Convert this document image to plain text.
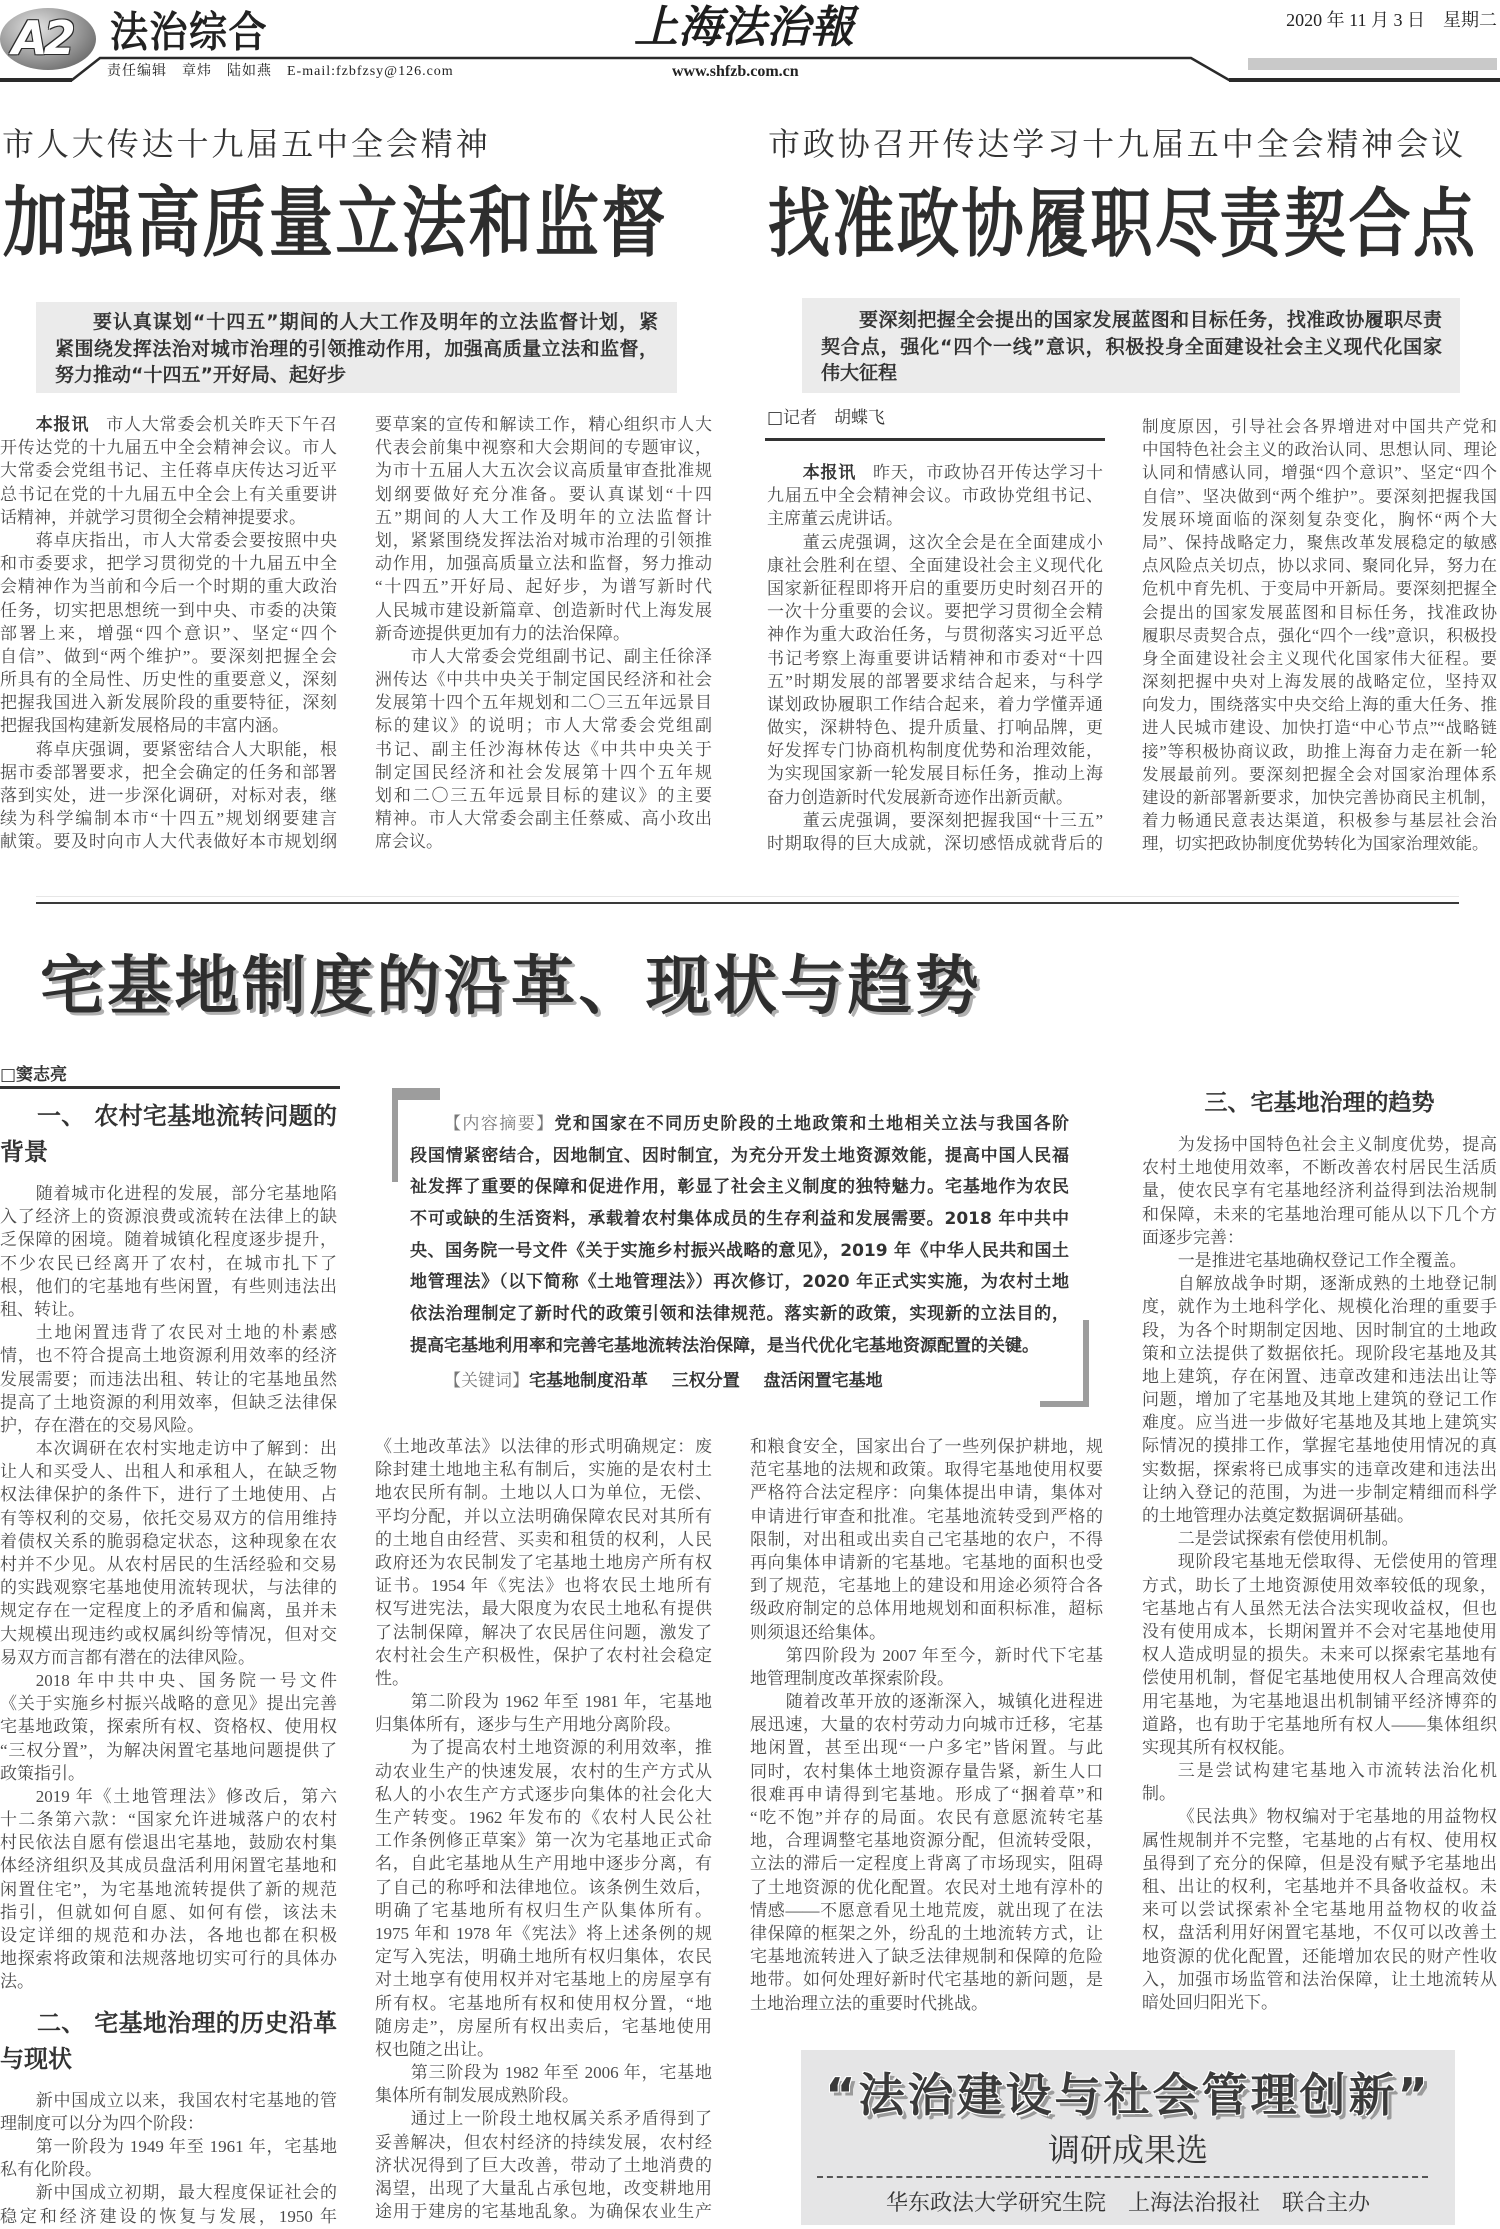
A2 法治综合	上海法治報	2020 年 11 月 3 日　星期二
责任编辑　章炜　陆如燕　E-mail:fzbfzsy@126.com	www.shfzb.com.cn
市人大传达十九届五中全会精神
加强高质量立法和监督
要认真谋划“十四五”期间的人大工作及明年的立法监督计划，紧
紧围绕发挥法治对城市治理的引领推动作用，加强高质量立法和监督，
努力推动“十四五”开好局、起好步
本报讯 市人大常委会机关昨天下午召
开传达党的十九届五中全会精神会议。市人
大常委会党组书记、主任蒋卓庆传达习近平
总书记在党的十九届五中全会上有关重要讲
话精神，并就学习贯彻全会精神提要求。
蒋卓庆指出，市人大常委会要按照中央
和市委要求，把学习贯彻党的十九届五中全
会精神作为当前和今后一个时期的重大政治
任务，切实把思想统一到中央、市委的决策
部署上来，增强“四个意识”、坚定“四个
自信”、做到“两个维护”。要深刻把握全会
所具有的全局性、历史性的重要意义，深刻
把握我国进入新发展阶段的重要特征，深刻
把握我国构建新发展格局的丰富内涵。
蒋卓庆强调，要紧密结合人大职能，根
据市委部署要求，把全会确定的任务和部署
落到实处，进一步深化调研，对标对表，继
续为科学编制本市“十四五”规划纲要建言
献策。要及时向市人大代表做好本市规划纲
要草案的宣传和解读工作，精心组织市人大
代表会前集中视察和大会期间的专题审议，
为市十五届人大五次会议高质量审查批准规
划纲要做好充分准备。要认真谋划“十四
五”期间的人大工作及明年的立法监督计
划，紧紧围绕发挥法治对城市治理的引领推
动作用，加强高质量立法和监督，努力推动
“十四五”开好局、起好步，为谱写新时代
人民城市建设新篇章、创造新时代上海发展
新奇迹提供更加有力的法治保障。
市人大常委会党组副书记、副主任徐泽
洲传达《中共中央关于制定国民经济和社会
发展第十四个五年规划和二〇三五年远景目
标的建议》的说明；市人大常委会党组副
书记、副主任沙海林传达《中共中央关于
制定国民经济和社会发展第十四个五年规
划和二〇三五年远景目标的建议》的主要
精神。市人大常委会副主任蔡威、高小玫出
席会议。
市政协召开传达学习十九届五中全会精神会议
找准政协履职尽责契合点
要深刻把握全会提出的国家发展蓝图和目标任务，找准政协履职尽责
契合点，强化“四个一线”意识，积极投身全面建设社会主义现代化国家
伟大征程
□记者　胡蝶飞
本报讯 昨天，市政协召开传达学习十
九届五中全会精神会议。市政协党组书记、
主席董云虎讲话。
董云虎强调，这次全会是在全面建成小
康社会胜利在望、全面建设社会主义现代化
国家新征程即将开启的重要历史时刻召开的
一次十分重要的会议。要把学习贯彻全会精
神作为重大政治任务，与贯彻落实习近平总
书记考察上海重要讲话精神和市委对“十四
五”时期发展的部署要求结合起来，与科学
谋划政协履职工作结合起来，着力学懂弄通
做实，深耕特色、提升质量、打响品牌，更
好发挥专门协商机构制度优势和治理效能，
为实现国家新一轮发展目标任务，推动上海
奋力创造新时代发展新奇迹作出新贡献。
董云虎强调，要深刻把握我国“十三五”
时期取得的巨大成就，深切感悟成就背后的
制度原因，引导社会各界增进对中国共产党和
中国特色社会主义的政治认同、思想认同、理论
认同和情感认同，增强“四个意识”、坚定“四个
自信”、坚决做到“两个维护”。要深刻把握我国
发展环境面临的深刻复杂变化，胸怀“两个大
局”、保持战略定力，聚焦改革发展稳定的敏感
点风险点关切点，协以求同、聚同化异，努力在
危机中育先机、于变局中开新局。要深刻把握全
会提出的国家发展蓝图和目标任务，找准政协
履职尽责契合点，强化“四个一线”意识，积极投
身全面建设社会主义现代化国家伟大征程。要
深刻把握中央对上海发展的战略定位，坚持双
向发力，围绕落实中央交给上海的重大任务、推
进人民城市建设、加快打造“中心节点”“战略链
接”等积极协商议政，助推上海奋力走在新一轮
发展最前列。要深刻把握全会对国家治理体系
建设的新部署新要求，加快完善协商民主机制，
着力畅通民意表达渠道，积极参与基层社会治
理，切实把政协制度优势转化为国家治理效能。
宅基地制度的沿革、现状与趋势
□窦志亮
【内容摘要】党和国家在不同历史阶段的土地政策和土地相关立法与我国各阶
段国情紧密结合，因地制宜、因时制宜，为充分开发土地资源效能，提高中国人民福
祉发挥了重要的保障和促进作用，彰显了社会主义制度的独特魅力。宅基地作为农民
不可或缺的生活资料，承载着农村集体成员的生存利益和发展需要。2018 年中共中
央、国务院一号文件《关于实施乡村振兴战略的意见》，2019 年《中华人民共和国土
地管理法》（以下简称《土地管理法》）再次修订，2020 年正式实实施，为农村土地
依法治理制定了新时代的政策引领和法律规范。落实新的政策，实现新的立法目的，
提高宅基地利用率和完善宅基地流转法治保障，是当代优化宅基地资源配置的关键。
【关键词】宅基地制度沿革 三权分置 盘活闲置宅基地
一、 农村宅基地流转问题的
背景
随着城市化进程的发展，部分宅基地陷
入了经济上的资源浪费或流转在法律上的缺
乏保障的困境。随着城镇化程度逐步提升，
不少农民已经离开了农村，在城市扎下了
根，他们的宅基地有些闲置，有些则违法出
租、转让。
土地闲置违背了农民对土地的朴素感
情，也不符合提高土地资源利用效率的经济
发展需要；而违法出租、转让的宅基地虽然
提高了土地资源的利用效率，但缺乏法律保
护，存在潜在的交易风险。
本次调研在农村实地走访中了解到：出
让人和买受人、出租人和承租人，在缺乏物
权法律保护的条件下，进行了土地使用、占
有等权利的交易，依托交易双方的信用维持
着债权关系的脆弱稳定状态，这种现象在农
村并不少见。从农村居民的生活经验和交易
的实践观察宅基地使用流转现状，与法律的
规定存在一定程度上的矛盾和偏离，虽并未
大规模出现违约或权属纠纷等情况，但对交
易双方而言都有潜在的法律风险。
2018 年中共中央、国务院一号文件
《关于实施乡村振兴战略的意见》提出完善
宅基地政策，探索所有权、资格权、使用权
“三权分置”，为解决闲置宅基地问题提供了
政策指引。
2019 年《土地管理法》修改后，第六
十二条第六款：“国家允许进城落户的农村
村民依法自愿有偿退出宅基地，鼓励农村集
体经济组织及其成员盘活利用闲置宅基地和
闲置住宅”，为宅基地流转提供了新的规范
指引，但就如何自愿、如何有偿，该法未
设定详细的规范和办法，各地也都在积极
地探索将政策和法规落地切实可行的具体办
法。
二、 宅基地治理的历史沿革
与现状
新中国成立以来，我国农村宅基地的管
理制度可以分为四个阶段：
第一阶段为 1949 年至 1961 年，宅基地
私有化阶段。
新中国成立初期，最大程度保证社会的
稳定和经济建设的恢复与发展，1950 年
《土地改革法》以法律的形式明确规定：废
除封建土地地主私有制后，实施的是农村土
地农民所有制。土地以人口为单位，无偿、
平均分配，并以立法明确保障农民对其所有
的土地自由经营、买卖和租赁的权利，人民
政府还为农民制发了宅基地土地房产所有权
证书。1954 年《宪法》也将农民土地所有
权写进宪法，最大限度为农民土地私有提供
了法制保障，解决了农民居住问题，激发了
农村社会生产积极性，保护了农村社会稳定
性。
第二阶段为 1962 年至 1981 年，宅基地
归集体所有，逐步与生产用地分离阶段。
为了提高农村土地资源的利用效率，推
动农业生产的快速发展，农村的生产方式从
私人的小农生产方式逐步向集体的社会化大
生产转变。1962 年发布的《农村人民公社
工作条例修正草案》第一次为宅基地正式命
名，自此宅基地从生产用地中逐步分离，有
了自己的称呼和法律地位。该条例生效后，
明确了宅基地所有权归生产队集体所有。
1975 年和 1978 年《宪法》将上述条例的规
定写入宪法，明确土地所有权归集体，农民
对土地享有使用权并对宅基地上的房屋享有
所有权。宅基地所有权和使用权分置，“地
随房走”，房屋所有权出卖后，宅基地使用
权也随之出让。
第三阶段为 1982 年至 2006 年，宅基地
集体所有制发展成熟阶段。
通过上一阶段土地权属关系矛盾得到了
妥善解决，但农村经济的持续发展，农村经
济状况得到了巨大改善，带动了土地消费的
渴望，出现了大量乱占承包地，改变耕地用
途用于建房的宅基地乱象。为确保农业生产
和粮食安全，国家出台了一些列保护耕地，规
范宅基地的法规和政策。取得宅基地使用权要
严格符合法定程序：向集体提出申请，集体对
申请进行审查和批准。宅基地流转受到严格的
限制，对出租或出卖自己宅基地的农户，不得
再向集体申请新的宅基地。宅基地的面积也受
到了规范，宅基地上的建设和用途必须符合各
级政府制定的总体用地规划和面积标准，超标
则须退还给集体。
第四阶段为 2007 年至今，新时代下宅基
地管理制度改革探索阶段。
随着改革开放的逐渐深入，城镇化进程进
展迅速，大量的农村劳动力向城市迁移，宅基
地闲置，甚至出现“一户多宅”皆闲置。与此
同时，农村集体土地资源存量告紧，新生人口
很难再申请得到宅基地。形成了“捆着草”和
“吃不饱”并存的局面。农民有意愿流转宅基
地，合理调整宅基地资源分配，但流转受限，
立法的滞后一定程度上背离了市场现实，阻碍
了土地资源的优化配置。农民对土地有淳朴的
情感——不愿意看见土地荒废，就出现了在法
律保障的框架之外，纷乱的土地流转方式，让
宅基地流转进入了缺乏法律规制和保障的危险
地带。如何处理好新时代宅基地的新问题，是
土地治理立法的重要时代挑战。
三、宅基地治理的趋势
为发扬中国特色社会主义制度优势，提高
农村土地使用效率，不断改善农村居民生活质
量，使农民享有宅基地经济利益得到法治规制
和保障，未来的宅基地治理可能从以下几个方
面逐步完善：
一是推进宅基地确权登记工作全覆盖。
自解放战争时期，逐渐成熟的土地登记制
度，就作为土地科学化、规模化治理的重要手
段，为各个时期制定因地、因时制宜的土地政
策和立法提供了数据依托。现阶段宅基地及其
地上建筑，存在闲置、违章改建和违法出让等
问题，增加了宅基地及其地上建筑的登记工作
难度。应当进一步做好宅基地及其地上建筑实
际情况的摸排工作，掌握宅基地使用情况的真
实数据，探索将已成事实的违章改建和违法出
让纳入登记的范围，为进一步制定精细而科学
的土地管理办法奠定数据调研基础。
二是尝试探索有偿使用机制。
现阶段宅基地无偿取得、无偿使用的管理
方式，助长了土地资源使用效率较低的现象，
宅基地占有人虽然无法合法实现收益权，但也
没有使用成本，长期闲置并不会对宅基地使用
权人造成明显的损失。未来可以探索宅基地有
偿使用机制，督促宅基地使用权人合理高效使
用宅基地，为宅基地退出机制铺平经济博弈的
道路，也有助于宅基地所有权人——集体组织
实现其所有权权能。
三是尝试构建宅基地入市流转法治化机
制。
《民法典》物权编对于宅基地的用益物权
属性规制并不完整，宅基地的占有权、使用权
虽得到了充分的保障，但是没有赋予宅基地出
租、出让的权利，宅基地并不具备收益权。未
来可以尝试探索补全宅基地用益物权的收益
权，盘活利用好闲置宅基地，不仅可以改善土
地资源的优化配置，还能增加农民的财产性收
入，加强市场监管和法治保障，让土地流转从
暗处回归阳光下。
“法治建设与社会管理创新”
调研成果选
华东政法大学研究生院　上海法治报社　联合主办
